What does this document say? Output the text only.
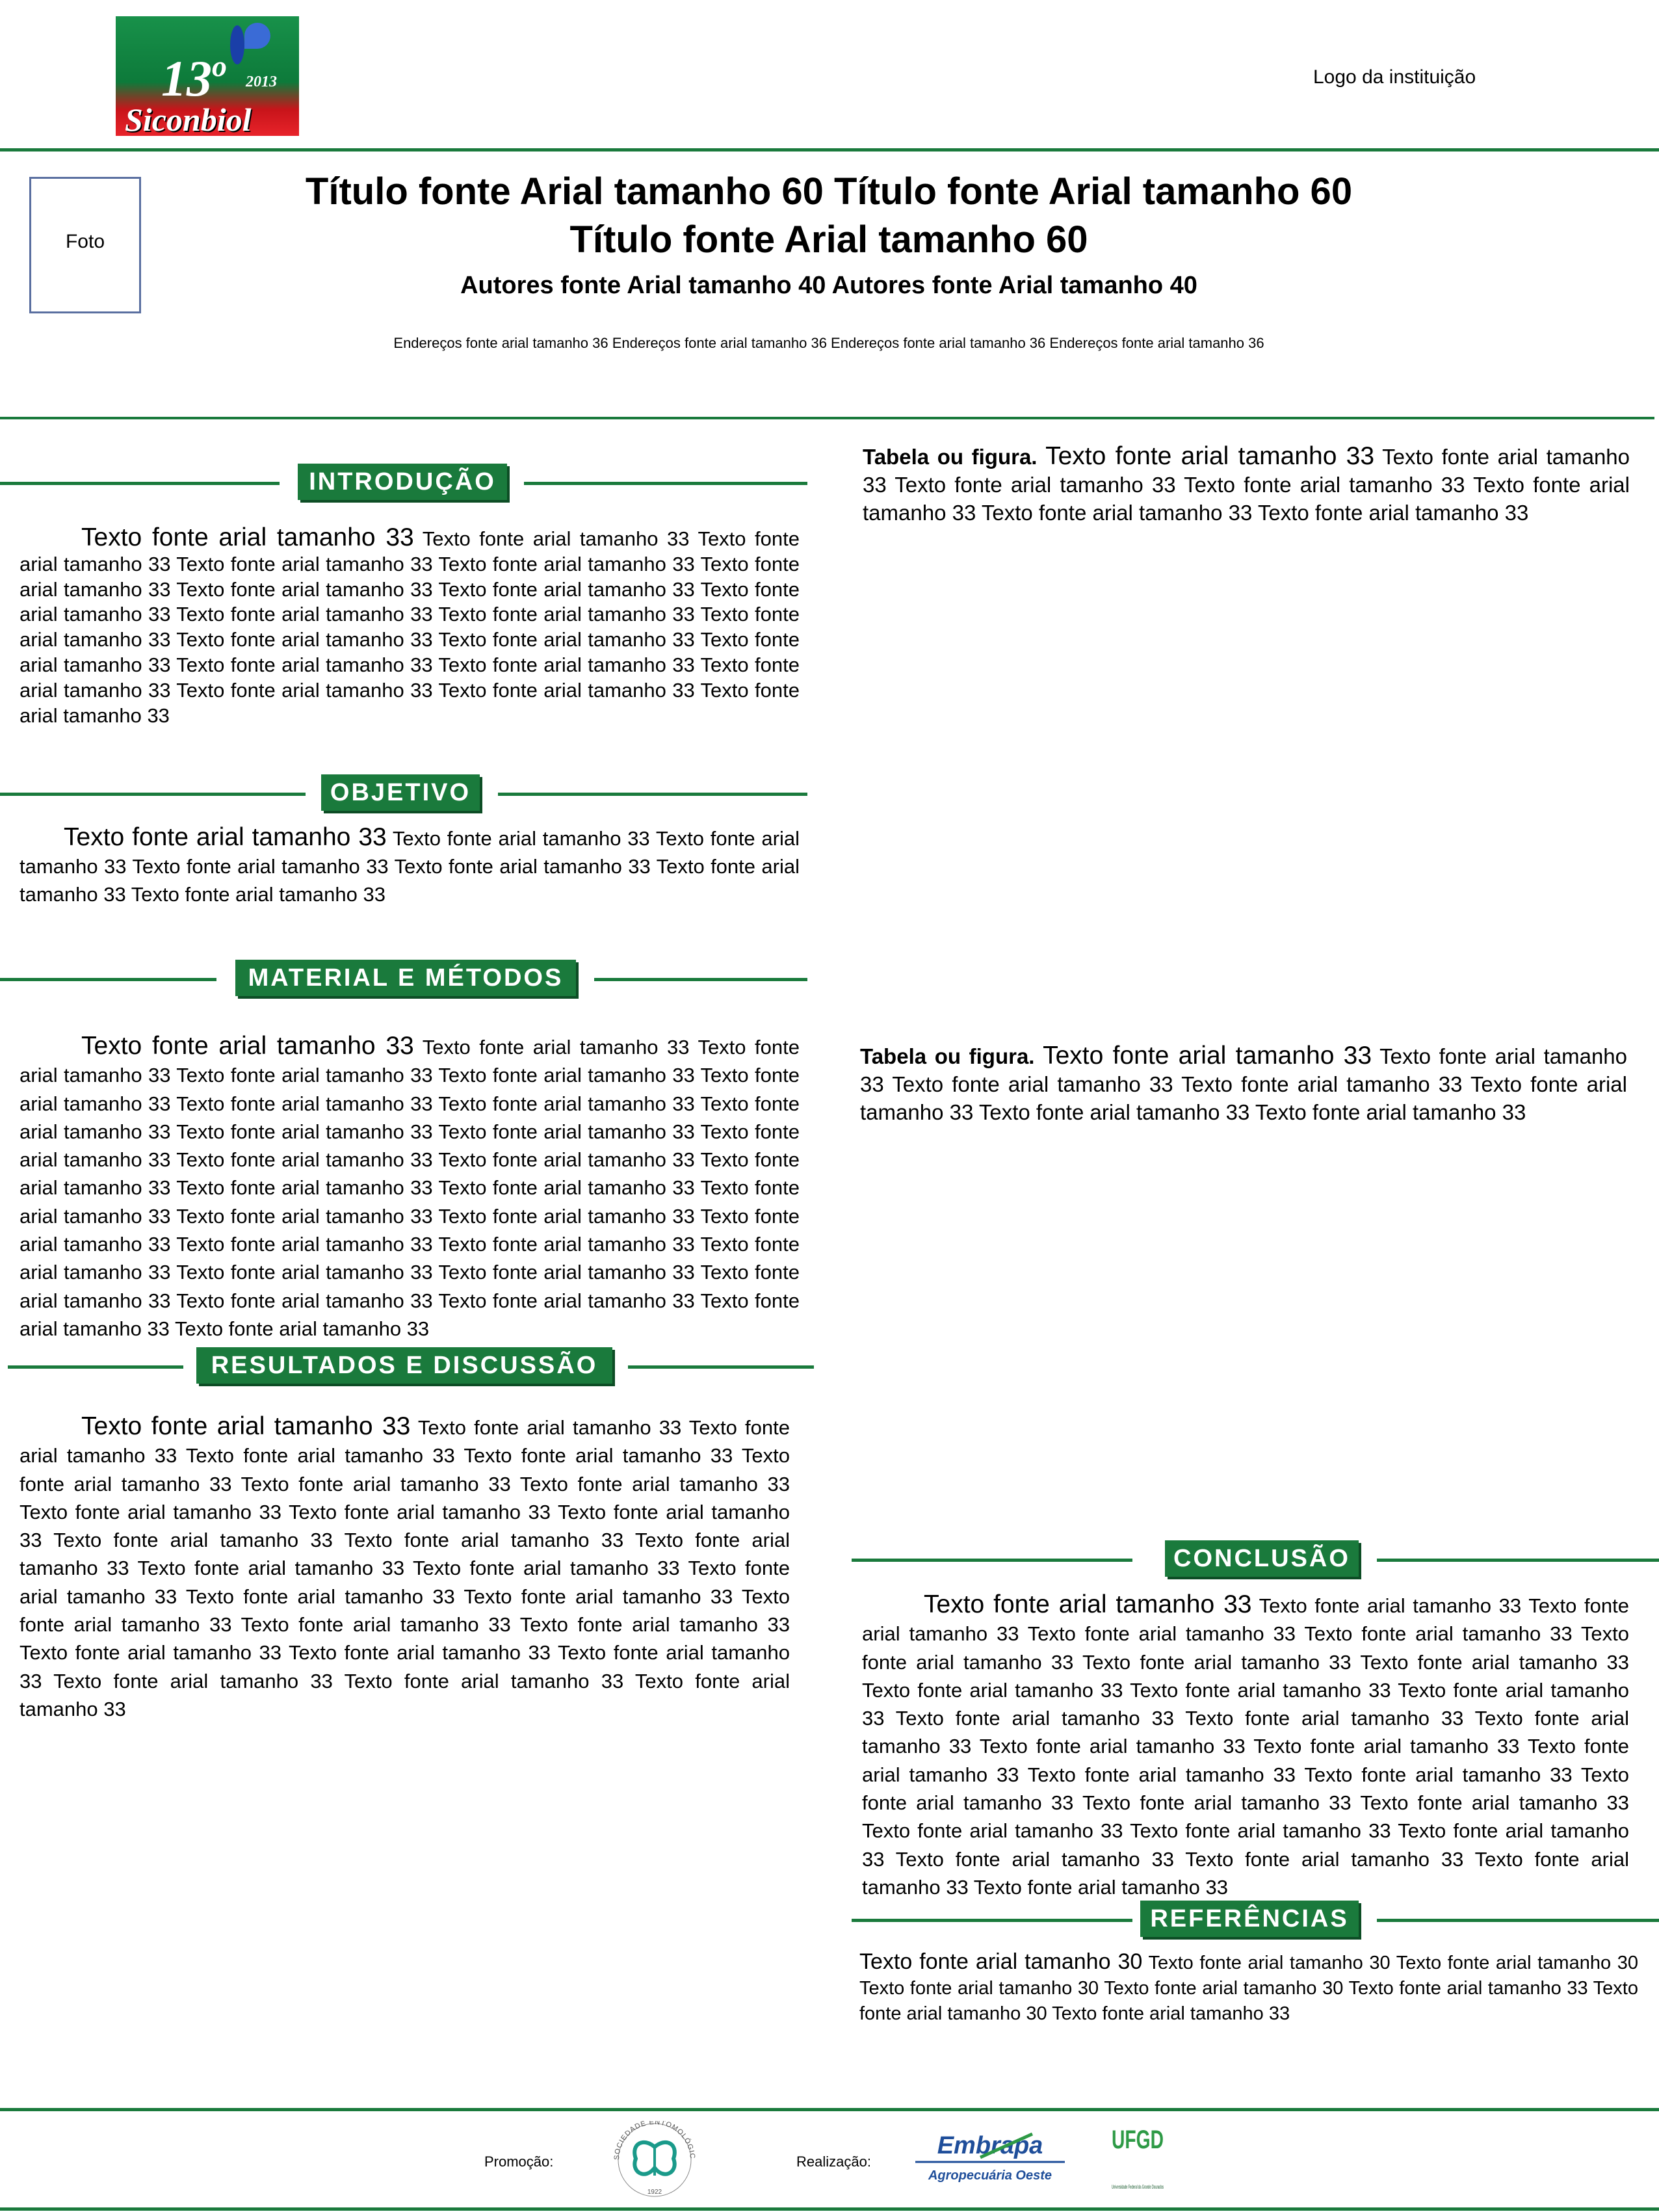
13$^o$ 2013
Siconbiol
Logo da instituição
Foto
Título fonte Arial tamanho 60 Título fonte Arial tamanho 60
Título fonte Arial tamanho 60
Autores fonte Arial tamanho 40 Autores fonte Arial tamanho 40
Endereços fonte arial tamanho 36 Endereços fonte arial tamanho 36 Endereços fonte arial tamanho 36 Endereços fonte arial tamanho 36
INTRODUÇÃO
Texto fonte arial tamanho 33 Texto fonte arial tamanho 33 Texto fonte arial tamanho 33 Texto fonte arial tamanho 33 Texto fonte arial tamanho 33 Texto fonte arial tamanho 33 Texto fonte arial tamanho 33 Texto fonte arial tamanho 33 Texto fonte arial tamanho 33 Texto fonte arial tamanho 33 Texto fonte arial tamanho 33 Texto fonte arial tamanho 33 Texto fonte arial tamanho 33 Texto fonte arial tamanho 33 Texto fonte arial tamanho 33 Texto fonte arial tamanho 33 Texto fonte arial tamanho 33 Texto fonte arial tamanho 33 Texto fonte arial tamanho 33 Texto fonte arial tamanho 33 Texto fonte arial tamanho 33
OBJETIVO
Texto fonte arial tamanho 33 Texto fonte arial tamanho 33 Texto fonte arial tamanho 33 Texto fonte arial tamanho 33 Texto fonte arial tamanho 33 Texto fonte arial tamanho 33 Texto fonte arial tamanho 33
MATERIAL E MÉTODOS
Texto fonte arial tamanho 33 Texto fonte arial tamanho 33 Texto fonte arial tamanho 33 Texto fonte arial tamanho 33 Texto fonte arial tamanho 33 Texto fonte arial tamanho 33 Texto fonte arial tamanho 33 Texto fonte arial tamanho 33 Texto fonte arial tamanho 33 Texto fonte arial tamanho 33 Texto fonte arial tamanho 33 Texto fonte arial tamanho 33 Texto fonte arial tamanho 33 Texto fonte arial tamanho 33 Texto fonte arial tamanho 33 Texto fonte arial tamanho 33 Texto fonte arial tamanho 33 Texto fonte arial tamanho 33 Texto fonte arial tamanho 33 Texto fonte arial tamanho 33 Texto fonte arial tamanho 33 Texto fonte arial tamanho 33 Texto fonte arial tamanho 33 Texto fonte arial tamanho 33 Texto fonte arial tamanho 33 Texto fonte arial tamanho 33 Texto fonte arial tamanho 33 Texto fonte arial tamanho 33 Texto fonte arial tamanho 33 Texto fonte arial tamanho 33 Texto fonte arial tamanho 33
RESULTADOS E DISCUSSÃO
Texto fonte arial tamanho 33 Texto fonte arial tamanho 33 Texto fonte arial tamanho 33 Texto fonte arial tamanho 33 Texto fonte arial tamanho 33 Texto fonte arial tamanho 33 Texto fonte arial tamanho 33 Texto fonte arial tamanho 33 Texto fonte arial tamanho 33 Texto fonte arial tamanho 33 Texto fonte arial tamanho 33 Texto fonte arial tamanho 33 Texto fonte arial tamanho 33 Texto fonte arial tamanho 33 Texto fonte arial tamanho 33 Texto fonte arial tamanho 33 Texto fonte arial tamanho 33 Texto fonte arial tamanho 33 Texto fonte arial tamanho 33 Texto fonte arial tamanho 33 Texto fonte arial tamanho 33 Texto fonte arial tamanho 33 Texto fonte arial tamanho 33 Texto fonte arial tamanho 33 Texto fonte arial tamanho 33 Texto fonte arial tamanho 33 Texto fonte arial tamanho 33 Texto fonte arial tamanho 33
Tabela ou figura. Texto fonte arial tamanho 33 Texto fonte arial tamanho 33 Texto fonte arial tamanho 33 Texto fonte arial tamanho 33 Texto fonte arial tamanho 33 Texto fonte arial tamanho 33 Texto fonte arial tamanho 33
Tabela ou figura. Texto fonte arial tamanho 33 Texto fonte arial tamanho 33 Texto fonte arial tamanho 33 Texto fonte arial tamanho 33 Texto fonte arial tamanho 33 Texto fonte arial tamanho 33 Texto fonte arial tamanho 33
CONCLUSÃO
Texto fonte arial tamanho 33 Texto fonte arial tamanho 33 Texto fonte arial tamanho 33 Texto fonte arial tamanho 33 Texto fonte arial tamanho 33 Texto fonte arial tamanho 33 Texto fonte arial tamanho 33 Texto fonte arial tamanho 33 Texto fonte arial tamanho 33 Texto fonte arial tamanho 33 Texto fonte arial tamanho 33 Texto fonte arial tamanho 33 Texto fonte arial tamanho 33 Texto fonte arial tamanho 33 Texto fonte arial tamanho 33 Texto fonte arial tamanho 33 Texto fonte arial tamanho 33 Texto fonte arial tamanho 33 Texto fonte arial tamanho 33 Texto fonte arial tamanho 33 Texto fonte arial tamanho 33 Texto fonte arial tamanho 33 Texto fonte arial tamanho 33 Texto fonte arial tamanho 33 Texto fonte arial tamanho 33 Texto fonte arial tamanho 33 Texto fonte arial tamanho 33 Texto fonte arial tamanho 33 Texto fonte arial tamanho 33
REFERÊNCIAS
Texto fonte arial tamanho 30 Texto fonte arial tamanho 30 Texto fonte arial tamanho 30 Texto fonte arial tamanho 30 Texto fonte arial tamanho 30 Texto fonte arial tamanho 33 Texto fonte arial tamanho 30 Texto fonte arial tamanho 33
Promoção:	SOCIEDADE ENTOMOLÓGIC
1922
Realização:
Embrapa
Agropecuária Oeste
UFGD
Universidade Federal da Grande Dourados
